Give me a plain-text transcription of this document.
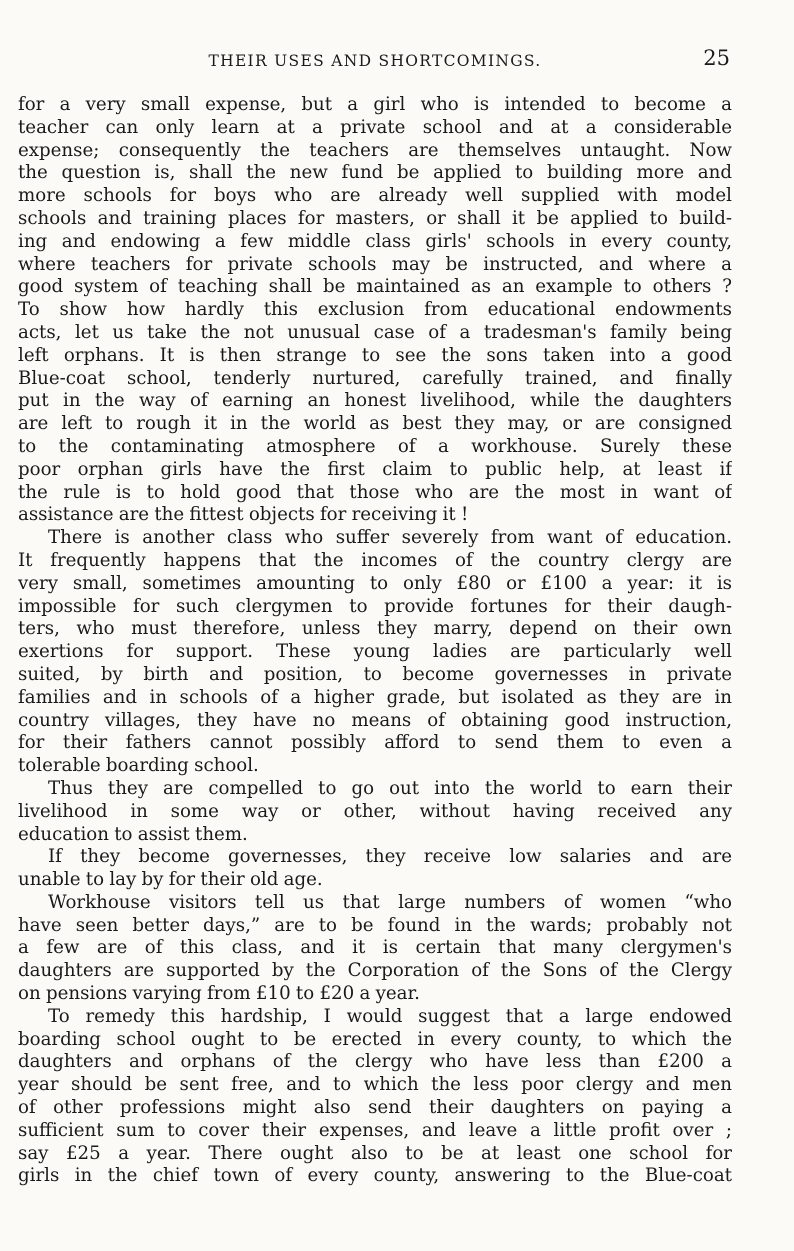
THEIR USES AND SHORTCOMINGS.	25
for a very small expense, but a girl who is intended to become a
teacher can only learn at a private school and at a considerable
expense; consequently the teachers are themselves untaught. Now
the question is, shall the new fund be applied to building more and
more schools for boys who are already well supplied with model
schools and training places for masters, or shall it be applied to build-
ing and endowing a few middle class girls' schools in every county,
where teachers for private schools may be instructed, and where a
good system of teaching shall be maintained as an example to others ?
To show how hardly this exclusion from educational endowments
acts, let us take the not unusual case of a tradesman's family being
left orphans. It is then strange to see the sons taken into a good
Blue-coat school, tenderly nurtured, carefully trained, and finally
put in the way of earning an honest livelihood, while the daughters
are left to rough it in the world as best they may, or are consigned
to the contaminating atmosphere of a workhouse. Surely these
poor orphan girls have the first claim to public help, at least if
the rule is to hold good that those who are the most in want of
assistance are the fittest objects for receiving it !
There is another class who suffer severely from want of education.
It frequently happens that the incomes of the country clergy are
very small, sometimes amounting to only £80 or £100 a year: it is
impossible for such clergymen to provide fortunes for their daugh-
ters, who must therefore, unless they marry, depend on their own
exertions for support. These young ladies are particularly well
suited, by birth and position, to become governesses in private
families and in schools of a higher grade, but isolated as they are in
country villages, they have no means of obtaining good instruction,
for their fathers cannot possibly afford to send them to even a
tolerable boarding school.
Thus they are compelled to go out into the world to earn their
livelihood in some way or other, without having received any
education to assist them.
If they become governesses, they receive low salaries and are
unable to lay by for their old age.
Workhouse visitors tell us that large numbers of women “who
have seen better days,” are to be found in the wards; probably not
a few are of this class, and it is certain that many clergymen's
daughters are supported by the Corporation of the Sons of the Clergy
on pensions varying from £10 to £20 a year.
To remedy this hardship, I would suggest that a large endowed
boarding school ought to be erected in every county, to which the
daughters and orphans of the clergy who have less than £200 a
year should be sent free, and to which the less poor clergy and men
of other professions might also send their daughters on paying a
sufficient sum to cover their expenses, and leave a little profit over ;
say £25 a year. There ought also to be at least one school for
girls in the chief town of every county, answering to the Blue-coat
